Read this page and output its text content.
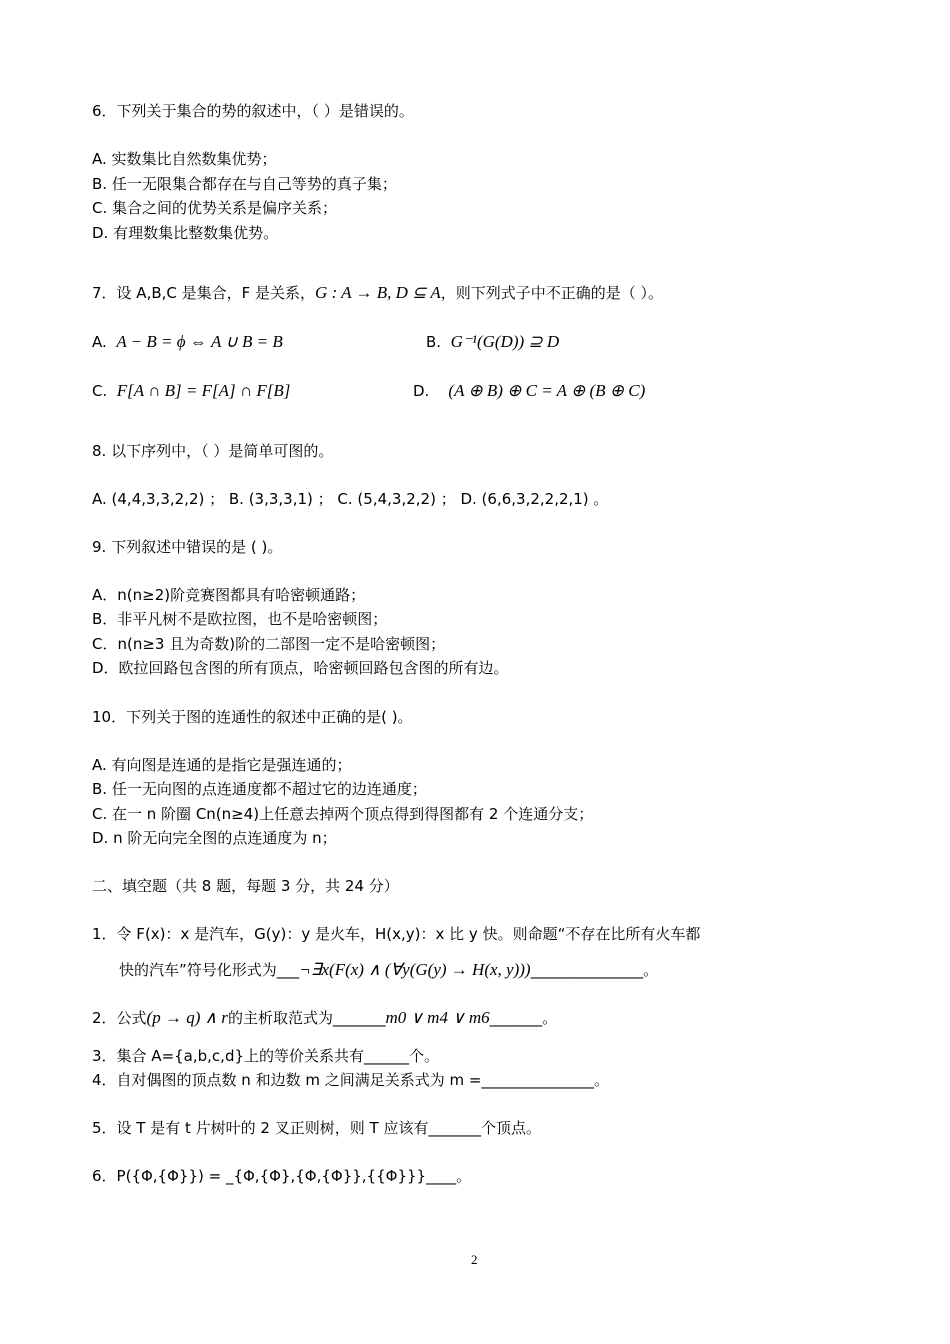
6．下列关于集合的势的叙述中，（ ）是错误的。
A. 实数集比自然数集优势；
B. 任一无限集合都存在与自己等势的真子集；
C. 集合之间的优势关系是偏序关系；
D. 有理数集比整数集优势。
7．设 A,B,C 是集合，F 是关系，G : A → B, D ⊆ A，则下列式子中不正确的是（ ）。
A. A − B = ϕ ⇔ A ∪ B = B	B. G⁻¹(G(D)) ⊇ D
C. F[A ∩ B] = F[A] ∩ F[B]	D. (A ⊕ B) ⊕ C = A ⊕ (B ⊕ C)
8. 以下序列中，（ ）是简单可图的。
A. (4,4,3,3,2,2) ； B. (3,3,3,1) ； C. (5,4,3,2,2) ； D. (6,6,3,2,2,2,1) 。
9. 下列叙述中错误的是 ( )。
A．n(n≥2)阶竞赛图都具有哈密顿通路；
B．非平凡树不是欧拉图，也不是哈密顿图；
C．n(n≥3 且为奇数)阶的二部图一定不是哈密顿图；
D．欧拉回路包含图的所有顶点，哈密顿回路包含图的所有边。
10．下列关于图的连通性的叙述中正确的是( )。
A. 有向图是连通的是指它是强连通的；
B. 任一无向图的点连通度都不超过它的边连通度；
C. 在一 n 阶圈 Cn(n≥4)上任意去掉两个顶点得到得图都有 2 个连通分支；
D. n 阶无向完全图的点连通度为 n；
二、填空题（共 8 题，每题 3 分，共 24 分）
1．令 F(x)：x 是汽车，G(y)：y 是火车，H(x,y)：x 比 y 快。则命题“不存在比所有火车都
快的汽车”符号化形式为___¬∃x(F(x) ∧ (∀y(G(y) → H(x, y)))_______________。
2．公式(p → q) ∧ r的主析取范式为_______m0 ∨ m4 ∨ m6_______。
3．集合 A={a,b,c,d}上的等价关系共有______个。
4．自对偶图的顶点数 n 和边数 m 之间满足关系式为 m =_______________。
5．设 T 是有 t 片树叶的 2 叉正则树，则 T 应该有_______个顶点。
6．P({Φ,{Φ}}) = _{Φ,{Φ},{Φ,{Φ}},{{Φ}}}____。
2
